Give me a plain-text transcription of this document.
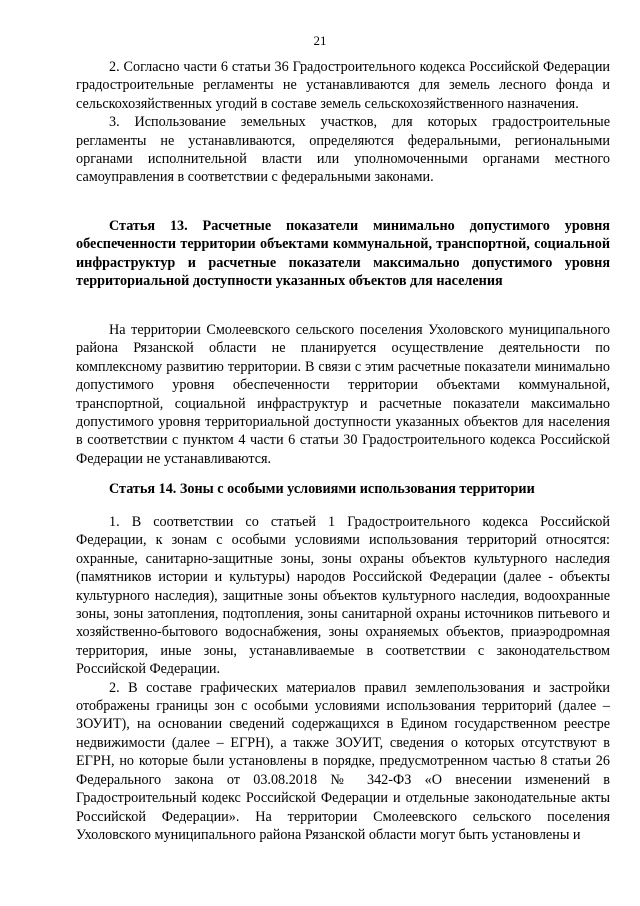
21

2. Согласно части 6 статьи 36 Градостроительного кодекса Российской Федерации градостроительные регламенты не устанавливаются для земель лесного фонда и сельскохозяйственных угодий в составе земель сельскохозяйственного назначения.

3. Использование земельных участков, для которых градостроительные регламенты не устанавливаются, определяются федеральными, региональными органами исполнительной власти или уполномоченными органами местного самоуправления в соответствии с федеральными законами.

Статья 13. Расчетные показатели минимально допустимого уровня обеспеченности территории объектами коммунальной, транспортной, социальной инфраструктур и расчетные показатели максимально допустимого уровня территориальной доступности указанных объектов для населения

На территории Смолеевского сельского поселения Ухоловского муниципального района Рязанской области не планируется осуществление деятельности по комплексному развитию территории. В связи с этим расчетные показатели минимально допустимого уровня обеспеченности территории объектами коммунальной, транспортной, социальной инфраструктур и расчетные показатели максимально допустимого уровня территориальной доступности указанных объектов для населения в соответствии с пунктом 4 части 6 статьи 30 Градостроительного кодекса Российской Федерации не устанавливаются.

Статья 14. Зоны с особыми условиями использования территории

1. В соответствии со статьей 1 Градостроительного кодекса Российской Федерации, к зонам с особыми условиями использования территорий относятся: охранные, санитарно-защитные зоны, зоны охраны объектов культурного наследия (памятников истории и культуры) народов Российской Федерации (далее - объекты культурного наследия), защитные зоны объектов культурного наследия, водоохранные зоны, зоны затопления, подтопления, зоны санитарной охраны источников питьевого и хозяйственно-бытового водоснабжения, зоны охраняемых объектов, приаэродромная территория, иные зоны, устанавливаемые в соответствии с законодательством Российской Федерации.

2. В составе графических материалов правил землепользования и застройки отображены границы зон с особыми условиями использования территорий (далее – ЗОУИТ), на основании сведений содержащихся в Едином государственном реестре недвижимости (далее – ЕГРН), а также ЗОУИТ, сведения о которых отсутствуют в ЕГРН, но которые были установлены в порядке, предусмотренном частью 8 статьи 26 Федерального закона от 03.08.2018 № 342-ФЗ «О внесении изменений в Градостроительный кодекс Российской Федерации и отдельные законодательные акты Российской Федерации». На территории Смолеевского сельского поселения Ухоловского муниципального района Рязанской области могут быть установлены и
